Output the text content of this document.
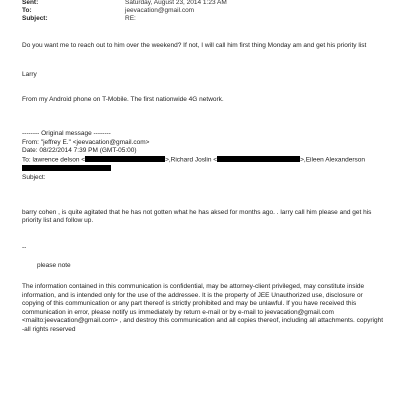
Sent:	Saturday, August 23, 2014 1:23 AM
To:	jeevacation@gmail.com
Subject:	RE:

Do you want me to reach out to him over the weekend? If not, I will call him first thing Monday am and get his priority list

Larry

From my Android phone on T-Mobile. The first nationwide 4G network.

-------- Original message --------
From: "jeffrey E." <jeevacation@gmail.com>
Date: 08/22/2014 7:39 PM (GMT-05:00)
To: lawrence delson <	>,Richard Joslin <	>,Eileen Alexanderson
Subject:

barry cohen , is quite agitated that he has not gotten what he has aksed for months ago. . larry call him please and get his priority list and follow up.

--

please note

The information contained in this communication is confidential, may be attorney-client privileged, may constitute inside information, and is intended only for the use of the addressee. It is the property of JEE Unauthorized use, disclosure or copying of this communication or any part thereof is strictly prohibited and may be unlawful. If you have received this communication in error, please notify us immediately by return e-mail or by e-mail to jeevacation@gmail.com <mailto:jeevacation@gmail.com> , and destroy this communication and all copies thereof, including all attachments. copyright -all rights reserved
